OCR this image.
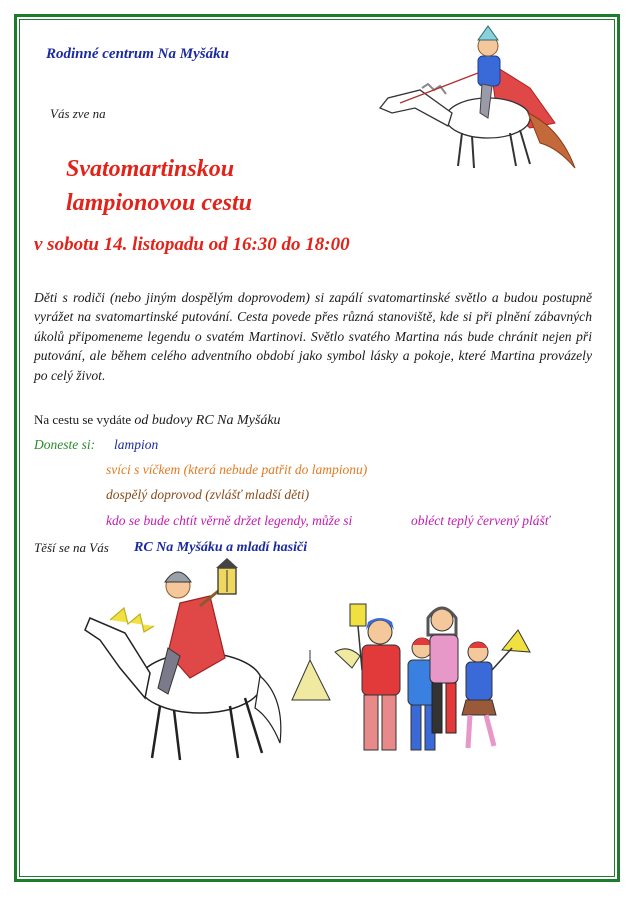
Rodinné centrum Na Myšáku
Vás zve na
Svatomartinskou
lampionovou cestu
v sobotu 14. listopadu od 16:30 do 18:00
Děti s rodiči (nebo jiným dospělým doprovodem) si zapálí svatomartinské světlo a budou postupně vyrážet na svatomartinské putování. Cesta povede přes různá stanoviště, kde si při plnění zábavných úkolů připomeneme legendu o svatém Martinovi. Světlo svatého Martina nás bude chránit nejen při putování, ale během celého adventního období jako symbol lásky a pokoje, které Martina provázely po celý život.
Na cestu se vydáte od budovy RC Na Myšáku
Doneste si: lampion
svíci s víčkem (která nebude patřit do lampionu)
dospělý doprovod (zvlášť mladší děti)
kdo se bude chtít věrně držet legendy, může si	obléct teplý červený plášť
Těší se na Vás RC Na Myšáku a mladí hasiči
